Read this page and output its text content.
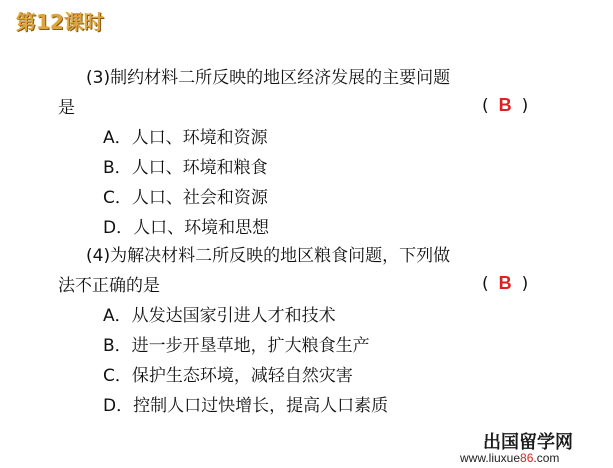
第12课时
(3)制约材料二所反映的地区经济发展的主要问题
是	( B )
A．人口、环境和资源
B．人口、环境和粮食
C．人口、社会和资源
D．人口、环境和思想
(4)为解决材料二所反映的地区粮食问题，下列做
法不正确的是	( B )
A．从发达国家引进人才和技术
B．进一步开垦草地，扩大粮食生产
C．保护生态环境，减轻自然灾害
D．控制人口过快增长，提高人口素质
出国留学网
www.liuxue86.com
